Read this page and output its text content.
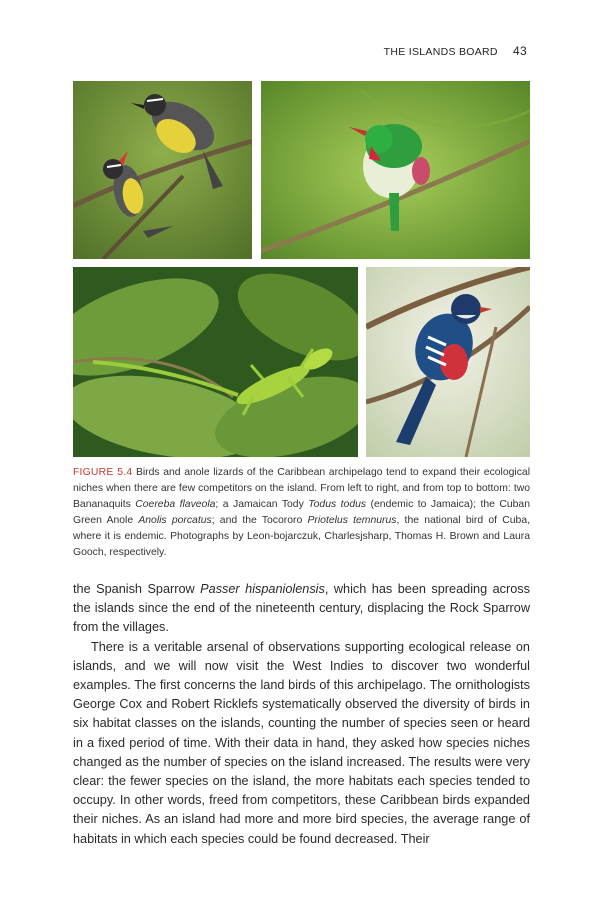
THE ISLANDS BOARD 43
FIGURE 5.4 Birds and anole lizards of the Caribbean archipelago tend to expand their ecological niches when there are few competitors on the island. From left to right, and from top to bottom: two Bananaquits Coereba flaveola; a Jamaican Tody Todus todus (endemic to Jamaica); the Cuban Green Anole Anolis porcatus; and the Tocororo Priotelus temnurus, the national bird of Cuba, where it is endemic. Photographs by Leon-bojarczuk, Charlesjsharp, Thomas H. Brown and Laura Gooch, respectively.

the Spanish Sparrow Passer hispaniolensis, which has been spreading across the islands since the end of the nineteenth century, displacing the Rock Sparrow from the villages.

There is a veritable arsenal of observations supporting ecological release on islands, and we will now visit the West Indies to discover two wonderful examples. The first concerns the land birds of this archipelago. The ornithologists George Cox and Robert Ricklefs systematically observed the diversity of birds in six habitat classes on the islands, counting the number of species seen or heard in a fixed period of time. With their data in hand, they asked how species niches changed as the number of species on the island increased. The results were very clear: the fewer species on the island, the more habitats each species tended to occupy. In other words, freed from competitors, these Caribbean birds expanded their niches. As an island had more and more bird species, the average range of habitats in which each species could be found decreased. Their
